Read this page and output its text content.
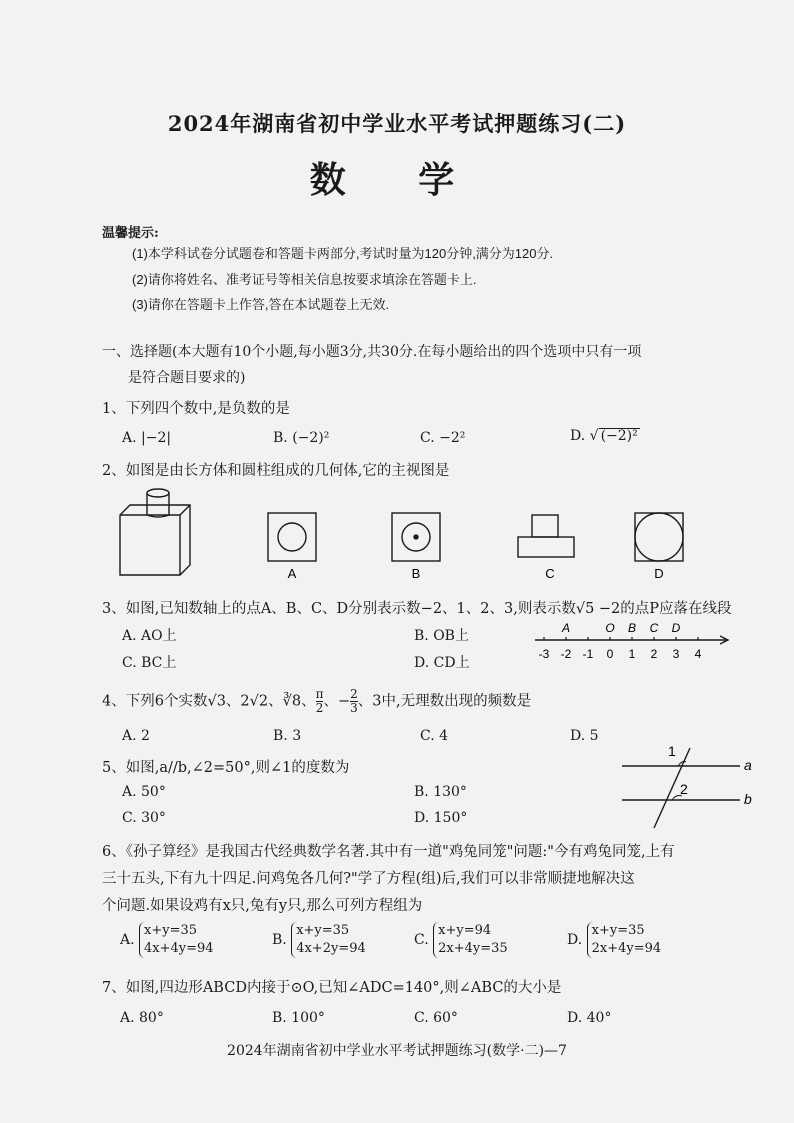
2024年湖南省初中学业水平考试押题练习(二)
数 学
温馨提示:
(1)本学科试卷分试题卷和答题卡两部分,考试时量为120分钟,满分为120分.
(2)请你将姓名、准考证号等相关信息按要求填涂在答题卡上.
(3)请你在答题卡上作答,答在本试题卷上无效.
一、选择题(本大题有10个小题,每小题3分,共30分.在每小题给出的四个选项中只有一项
是符合题目要求的)
1、下列四个数中,是负数的是
A. |−2|	B. (−2)²	C. −2²	D. √ (−2)²
2、如图是由长方体和圆柱组成的几何体,它的主视图是
A	B	C	D
3、如图,已知数轴上的点A、B、C、D分别表示数−2、1、2、3,则表示数√5 −2的点P应落在线段
A. AO上	B. OB上
C. BC上	D. CD上
-3 -2 -1 0 1 2 3 4
A	O B C D
4、下列6个实数√3、2√2、∛8、 $\frac{\pi}{2}$ 、− $\frac{2}{3}$ 、3中,无理数出现的频数是
A. 2	B. 3	C. 4	D. 5
5、如图,a//b,∠2=50°,则∠1的度数为
A. 50°	B. 130°
C. 30°	D. 150°
1
2
a
b
6、《孙子算经》是我国古代经典数学名著.其中有一道"鸡兔同笼"问题:"今有鸡兔同笼,上有
三十五头,下有九十四足.问鸡兔各几何?"学了方程(组)后,我们可以非常顺捷地解决这
个问题.如果设鸡有x只,兔有y只,那么可列方程组为
A.
x+y=35
4x+4y=94
B.
x+y=35
4x+2y=94
C.
x+y=94
2x+4y=35
D.
x+y=35
2x+4y=94
7、如图,四边形ABCD内接于⊙O,已知∠ADC=140°,则∠ABC的大小是
A. 80°	B. 100°	C. 60°	D. 40°
2024年湖南省初中学业水平考试押题练习(数学·二)—7
